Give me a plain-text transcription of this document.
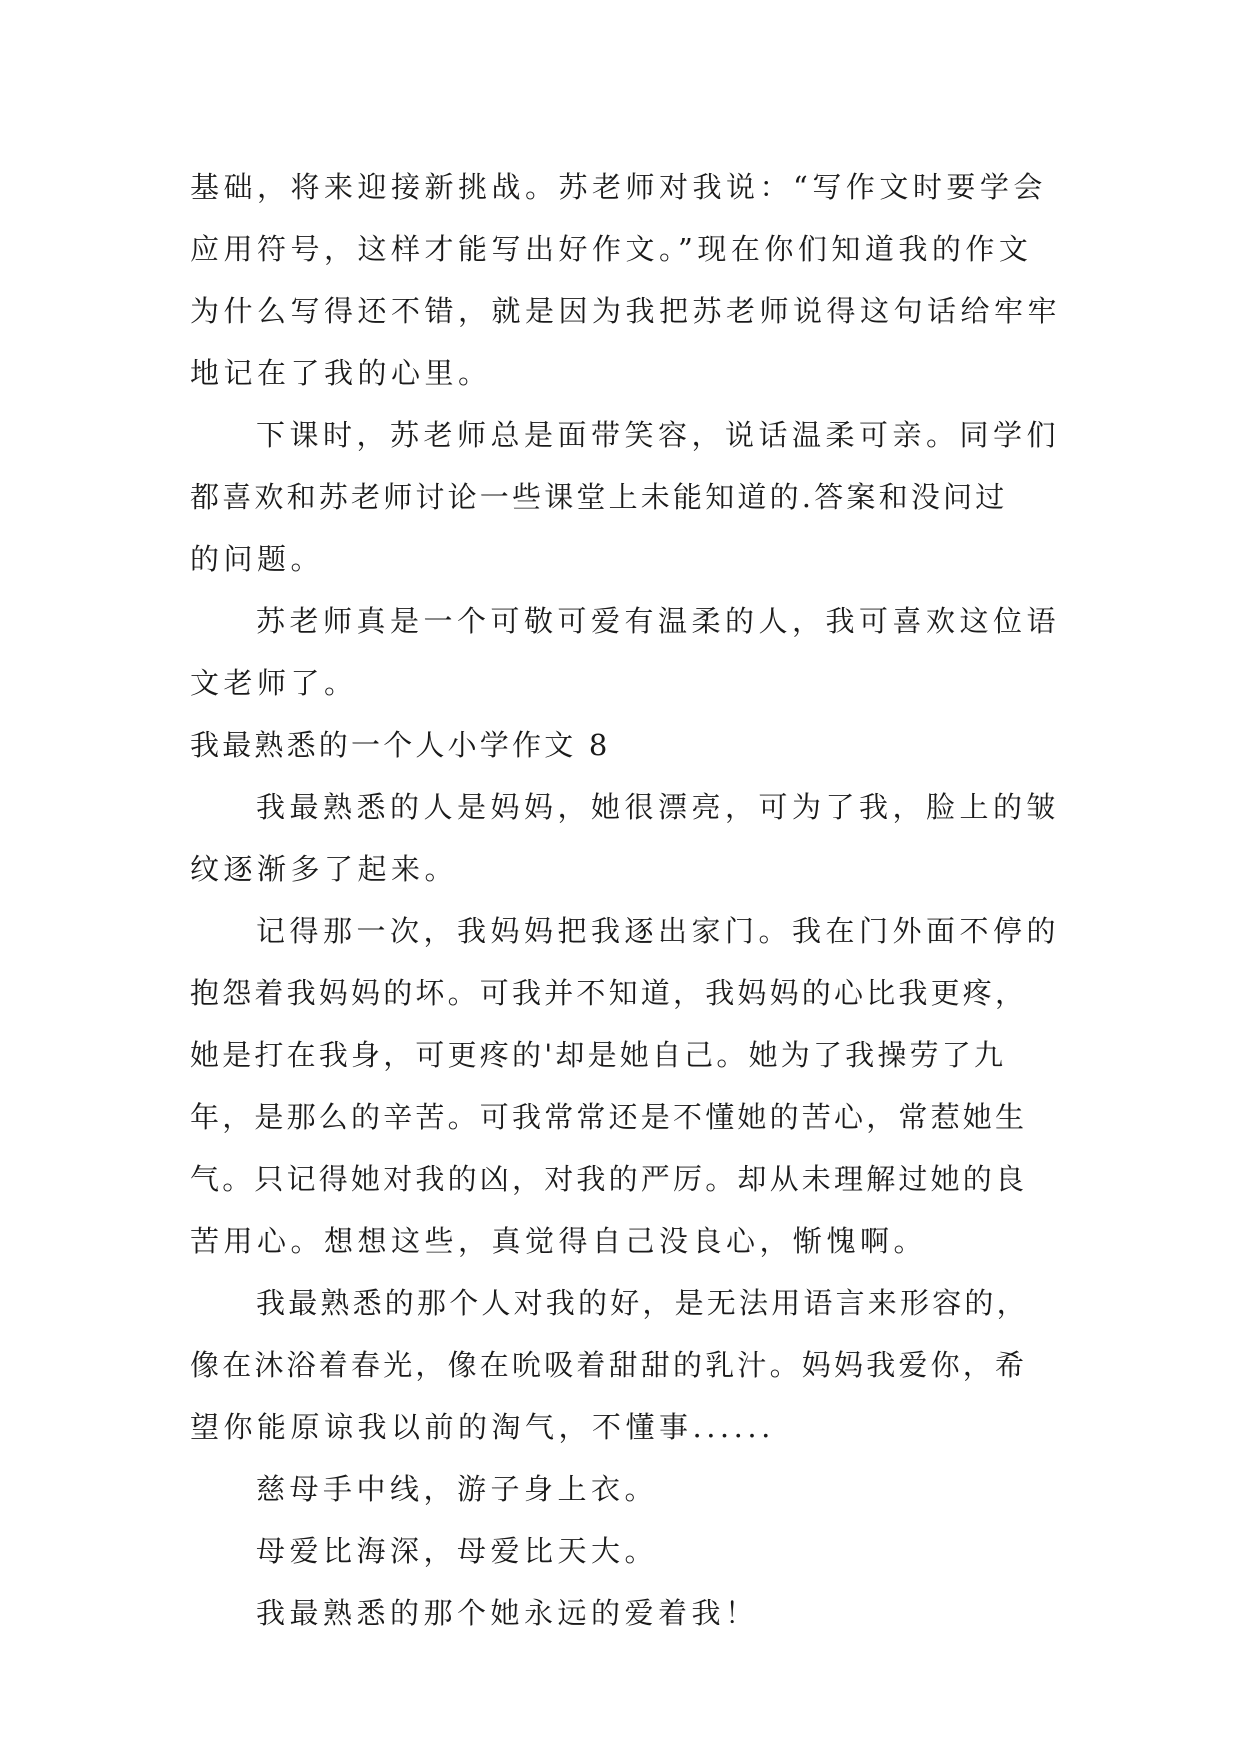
基础，将来迎接新挑战。苏老师对我说：“写作文时要学会
应用符号，这样才能写出好作文。”现在你们知道我的作文
为什么写得还不错，就是因为我把苏老师说得这句话给牢牢
地记在了我的心里。
下课时，苏老师总是面带笑容，说话温柔可亲。同学们
都喜欢和苏老师讨论一些课堂上未能知道的.答案和没问过
的问题。
苏老师真是一个可敬可爱有温柔的人，我可喜欢这位语
文老师了。
我最熟悉的一个人小学作文 8
我最熟悉的人是妈妈，她很漂亮，可为了我，脸上的皱
纹逐渐多了起来。
记得那一次，我妈妈把我逐出家门。我在门外面不停的
抱怨着我妈妈的坏。可我并不知道，我妈妈的心比我更疼，
她是打在我身，可更疼的'却是她自己。她为了我操劳了九
年，是那么的辛苦。可我常常还是不懂她的苦心，常惹她生
气。只记得她对我的凶，对我的严厉。却从未理解过她的良
苦用心。想想这些，真觉得自己没良心，惭愧啊。
我最熟悉的那个人对我的好，是无法用语言来形容的，
像在沐浴着春光，像在吮吸着甜甜的乳汁。妈妈我爱你，希
望你能原谅我以前的淘气，不懂事......
慈母手中线，游子身上衣。
母爱比海深，母爱比天大。
我最熟悉的那个她永远的爱着我！
